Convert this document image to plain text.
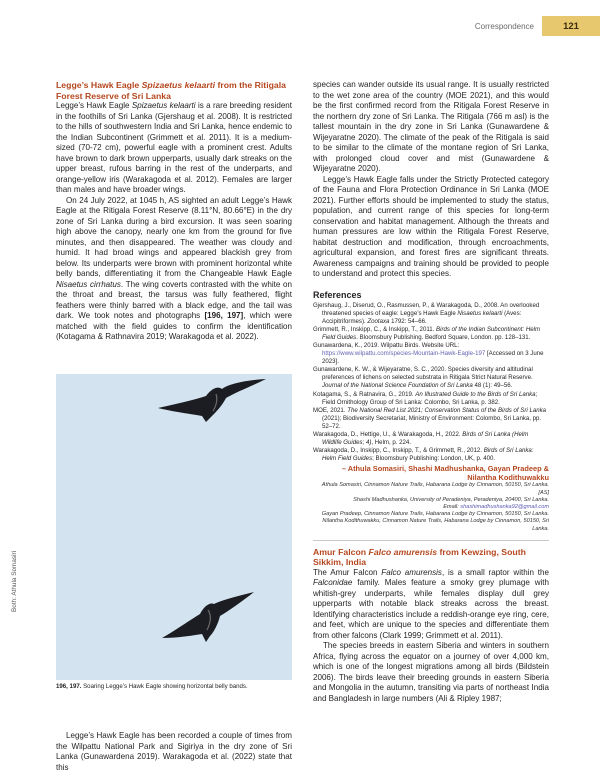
Correspondence	121
Legge’s Hawk Eagle Spizaetus kelaarti from the Ritigala Forest Reserve of Sri Lanka

Legge’s Hawk Eagle Spizaetus kelaarti is a rare breeding resident in the foothills of Sri Lanka (Gjershaug et al. 2008). It is restricted to the hills of southwestern India and Sri Lanka, hence endemic to the Indian Subcontinent (Grimmett et al. 2011). It is a medium-sized (70-72 cm), powerful eagle with a prominent crest. Adults have brown to dark brown upperparts, usually dark streaks on the upper breast, rufous barring in the rest of the underparts, and orange-yellow iris (Warakagoda et al. 2012). Females are larger than males and have broader wings.

On 24 July 2022, at 1045 h, AS sighted an adult Legge’s Hawk Eagle at the Ritigala Forest Reserve (8.11°N, 80.66°E) in the dry zone of Sri Lanka during a bird excursion. It was seen soaring high above the canopy, nearly one km from the ground for five minutes, and then disappeared. The weather was cloudy and humid. It had broad wings and appeared blackish grey from below. Its underparts were brown with prominent horizontal white belly bands, differentiating it from the Changeable Hawk Eagle Nisaetus cirrhatus. The wing coverts contrasted with the white on the throat and breast, the tarsus was fully feathered, flight feathers were thinly barred with a black edge, and the tail was dark. We took notes and photographs [196, 197], which were matched with the field guides to confirm the identification (Kotagama & Rathnavira 2019; Warakagoda et al. 2022).

Both: Athula Somasiri
196, 197. Soaring Legge’s Hawk Eagle showing horizontal belly bands.

Legge’s Hawk Eagle has been recorded a couple of times from the Wilpattu National Park and Sigiriya in the dry zone of Sri Lanka (Gunawardena 2019). Warakagoda et al. (2022) state that this

species can wander outside its usual range. It is usually restricted to the wet zone area of the country (MOE 2021), and this would be the first confirmed record from the Ritigala Forest Reserve in the northern dry zone of Sri Lanka. The Ritigala (766 m asl) is the tallest mountain in the dry zone in Sri Lanka (Gunawardene & Wijeyaratne 2020). The climate of the peak of the Ritigala is said to be similar to the climate of the montane region of Sri Lanka, with prolonged cloud cover and mist (Gunawardene & Wijeyaratne 2020).

Legge’s Hawk Eagle falls under the Strictly Protected category of the Fauna and Flora Protection Ordinance in Sri Lanka (MOE 2021). Further efforts should be implemented to study the status, population, and current range of this species for long-term conservation and habitat management. Although the threats and human pressures are low within the Ritigala Forest Reserve, habitat destruction and modification, through encroachments, agricultural expansion, and forest fires are significant threats. Awareness campaigns and training should be provided to people to understand and protect this species.

References
Gjershaug, J., Diserud, O., Rasmussen, P., & Warakagoda, D., 2008. An overlooked threatened species of eagle: Legge’s Hawk Eagle Nisaetus kelaarti (Aves: Accipitriformes). Zootaxa 1792: 54–66.
Grimmett, R., Inskipp, C., & Inskipp, T., 2011. Birds of the Indian Subcontinent: Helm Field Guides. Bloomsbury Publishing. Bedford Square, London. pp. 128–131.
Gunawardena, K., 2019. Wilpattu Birds. Website URL: https://www.wilpattu.com/species-Mountain-Hawk-Eagle-197 [Accessed on 3 June 2023].
Gunawardene, K. W., & Wijeyaratne, S. C., 2020. Species diversity and altitudinal preferences of lichens on selected substrata in Ritigala Strict Natural Reserve. Journal of the National Science Foundation of Sri Lanka 48 (1): 49–56.
Kotagama, S., & Ratnavira, G., 2019. An Illustrated Guide to the Birds of Sri Lanka; Field Ornithology Group of Sri Lanka: Colombo, Sri Lanka, p. 382.
MOE, 2021. The National Red List 2021; Conservation Status of the Birds of Sri Lanka (2021); Biodiversity Secretariat, Ministry of Environment: Colombo, Sri Lanka, pp. 52–72.
Warakagoda, D., Hettige, U., & Warakagoda, H., 2022. Birds of Sri Lanka (Helm Wildlife Guides; 4), Helm, p. 224.
Warakagoda, D., Inskipp, C., Inskipp, T., & Grimmett, R., 2012. Birds of Sri Lanka: Helm Field Guides; Bloomsbury Publishing: London, UK, p. 400.
– Athula Somasiri, Shashi Madhushanka, Gayan Pradeep &
Nilantha Kodithuwakku
Athula Somasiri, Cinnamon Nature Trails, Habarana Lodge by Cinnamon, 50150, Sri Lanka. [AS]
Shashi Madhushanka, University of Peradeniya, Peradeniya, 20400, Sri Lanka.
Email: shashimadhushanka92@gmail.com
Gayan Pradeep, Cinnamon Nature Trails, Habarana Lodge by Cinnamon, 50150, Sri Lanka.
Nilantha Kodithuwakku, Cinnamon Nature Trails, Habarana Lodge by Cinnamon, 50150, Sri Lanka.
Amur Falcon Falco amurensis from Kewzing, South Sikkim, India

The Amur Falcon Falco amurensis, is a small raptor within the Falconidae family. Males feature a smoky grey plumage with whitish-grey underparts, while females display dull grey upperparts with notable black streaks across the breast. Identifying characteristics include a reddish-orange eye ring, cere, and feet, which are unique to the species and differentiate them from other falcons (Clark 1999; Grimmett et al. 2011).

The species breeds in eastern Siberia and winters in southern Africa, flying across the equator on a journey of over 4,000 km, which is one of the longest migrations among all birds (Bildstein 2006). The birds leave their breeding grounds in eastern Siberia and Mongolia in the autumn, transiting via parts of northeast India and Bangladesh in large numbers (Ali & Ripley 1987;
